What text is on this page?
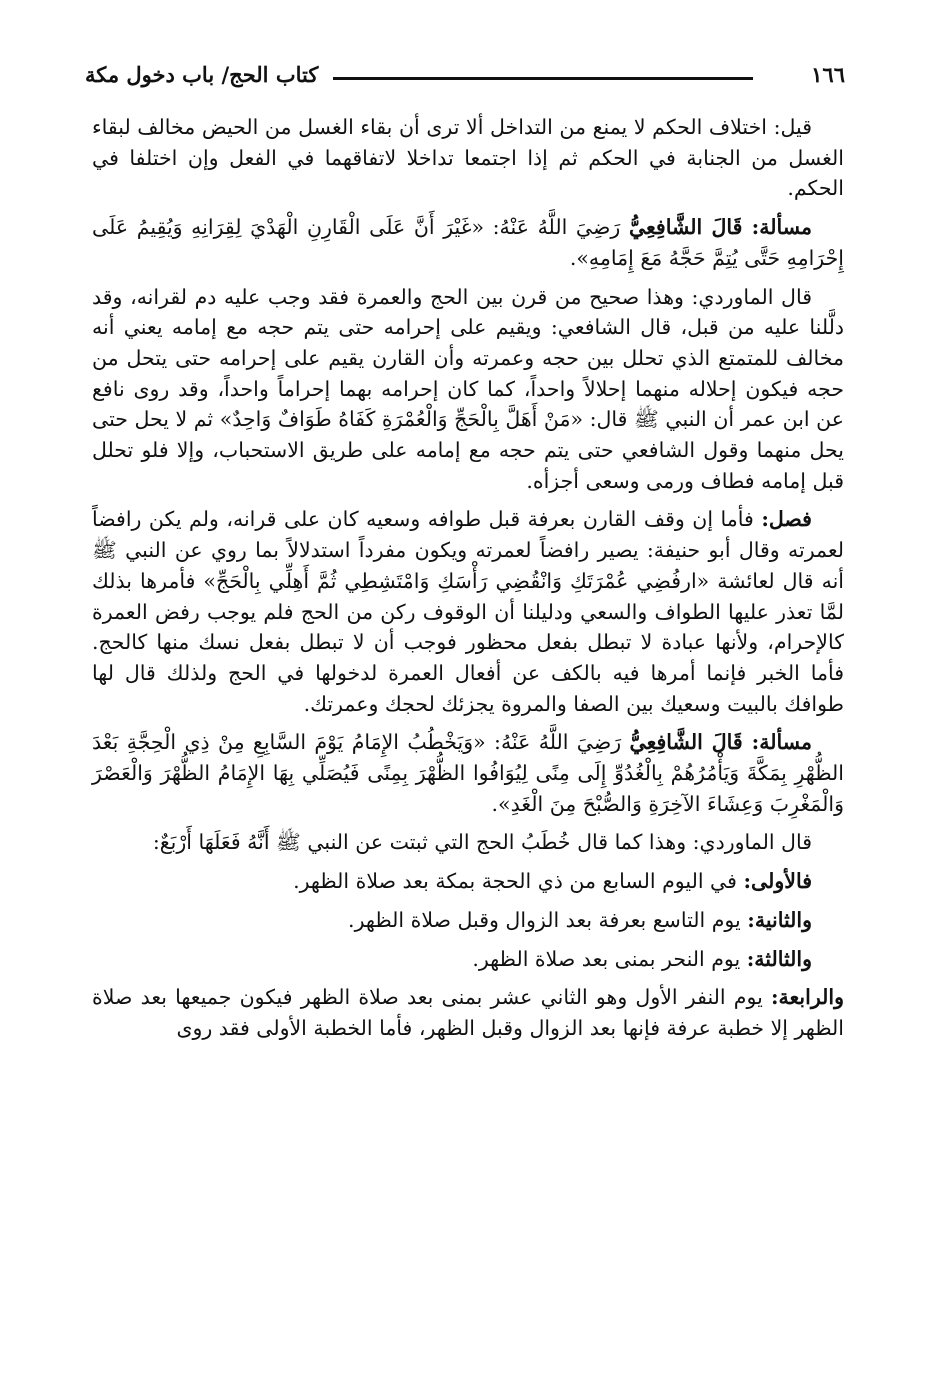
كتاب الحج/ باب دخول مكة	١٦٦

قيل: اختلاف الحكم لا يمنع من التداخل ألا ترى أن بقاء الغسل من الحيض مخالف لبقاء الغسل من الجنابة في الحكم ثم إذا اجتمعا تداخلا لاتفاقهما في الفعل وإن اختلفا في الحكم.

مسألة: قَالَ الشَّافِعِيُّ رَضِيَ اللَّهُ عَنْهُ: «غَيْرَ أَنَّ عَلَى الْقَارِنِ الْهَدْيَ لِقِرَانِهِ وَيُقِيمُ عَلَى إِحْرَامِهِ حَتَّى يُتِمَّ حَجَّهُ مَعَ إِمَامِهِ».

قال الماوردي: وهذا صحيح من قرن بين الحج والعمرة فقد وجب عليه دم لقرانه، وقد دلَّلنا عليه من قبل، قال الشافعي: ويقيم على إحرامه حتى يتم حجه مع إمامه يعني أنه مخالف للمتمتع الذي تحلل بين حجه وعمرته وأن القارن يقيم على إحرامه حتى يتحل من حجه فيكون إحلاله منهما إحلالاً واحداً، كما كان إحرامه بهما إحراماً واحداً، وقد روى نافع عن ابن عمر أن النبي ﷺ قال: «مَنْ أَهَلَّ بِالْحَجِّ وَالْعُمْرَةِ كَفَاهُ طَوَافٌ وَاحِدٌ» ثم لا يحل حتى يحل منهما وقول الشافعي حتى يتم حجه مع إمامه على طريق الاستحباب، وإلا فلو تحلل قبل إمامه فطاف ورمى وسعى أجزأه.

فصل: فأما إن وقف القارن بعرفة قبل طوافه وسعيه كان على قرانه، ولم يكن رافضاً لعمرته وقال أبو حنيفة: يصير رافضاً لعمرته ويكون مفرداً استدلالاً بما روي عن النبي ﷺ أنه قال لعائشة «ارفُضِي عُمْرَتَكِ وَانْقُضِي رَأْسَكِ وَامْتَشِطِي ثُمَّ أَهِلِّي بِالْحَجِّ» فأمرها بذلك لمَّا تعذر عليها الطواف والسعي ودليلنا أن الوقوف ركن من الحج فلم يوجب رفض العمرة كالإحرام، ولأنها عبادة لا تبطل بفعل محظور فوجب أن لا تبطل بفعل نسك منها كالحج. فأما الخبر فإنما أمرها فيه بالكف عن أفعال العمرة لدخولها في الحج ولذلك قال لها طوافك بالبيت وسعيك بين الصفا والمروة يجزئك لحجك وعمرتك.

مسألة: قَالَ الشَّافِعِيُّ رَضِيَ اللَّهُ عَنْهُ: «وَيَخْطُبُ الإِمَامُ يَوْمَ السَّابِعِ مِنْ ذِي الْحِجَّةِ بَعْدَ الظُّهْرِ بِمَكَّةَ وَيَأْمُرُهُمْ بِالْغُدُوِّ إِلَى مِنًى لِيُوَافُوا الظُّهْرَ بِمِنًى فَيُصَلِّي بِهَا الإِمَامُ الظُّهْرَ وَالْعَصْرَ وَالْمَغْرِبَ وَعِشَاءَ الآخِرَةِ وَالصُّبْحَ مِنَ الْغَدِ».

قال الماوردي: وهذا كما قال خُطَبُ الحج التي ثبتت عن النبي ﷺ أَنَّهُ فَعَلَهَا أَرْبَعٌ:

فالأولى: في اليوم السابع من ذي الحجة بمكة بعد صلاة الظهر.

والثانية: يوم التاسع بعرفة بعد الزوال وقبل صلاة الظهر.

والثالثة: يوم النحر بمنى بعد صلاة الظهر.

والرابعة: يوم النفر الأول وهو الثاني عشر بمنى بعد صلاة الظهر فيكون جميعها بعد صلاة الظهر إلا خطبة عرفة فإنها بعد الزوال وقبل الظهر، فأما الخطبة الأولى فقد روى
